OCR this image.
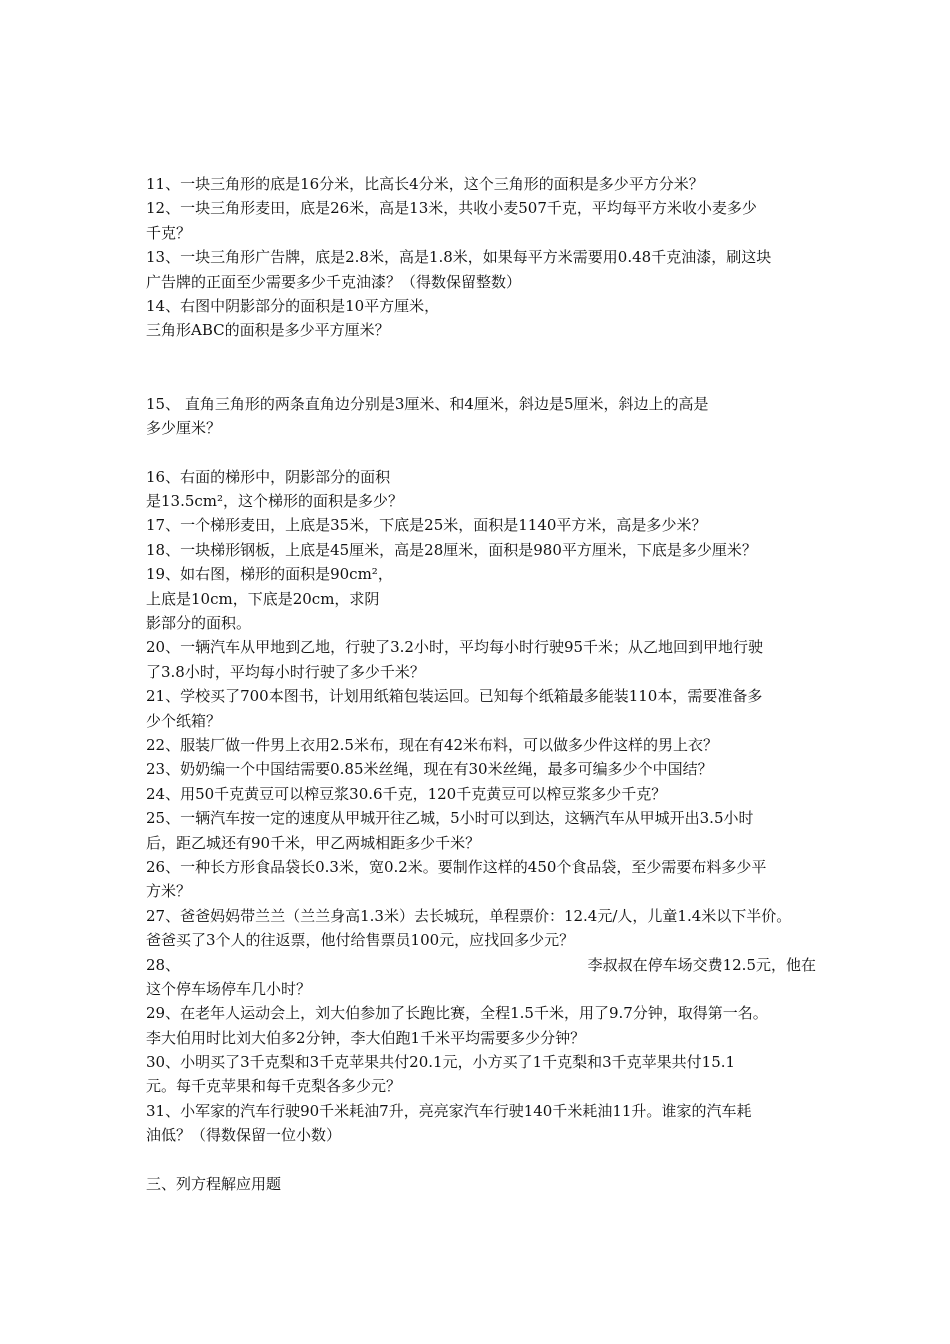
11、一块三角形的底是16分米，比高长4分米，这个三角形的面积是多少平方分米？
12、一块三角形麦田，底是26米，高是13米，共收小麦507千克，平均每平方米收小麦多少
千克？
13、一块三角形广告牌，底是2.8米，高是1.8米，如果每平方米需要用0.48千克油漆，刷这块
广告牌的正面至少需要多少千克油漆？（得数保留整数）
14、右图中阴影部分的面积是10平方厘米，
三角形ABC的面积是多少平方厘米？
15、 直角三角形的两条直角边分别是3厘米、和4厘米，斜边是5厘米，斜边上的高是
多少厘米？
16、右面的梯形中，阴影部分的面积
是13.5cm²，这个梯形的面积是多少？
17、一个梯形麦田，上底是35米，下底是25米，面积是1140平方米，高是多少米？
18、一块梯形钢板，上底是45厘米，高是28厘米，面积是980平方厘米，下底是多少厘米？
19、如右图，梯形的面积是90cm²，
上底是10cm，下底是20cm，求阴
影部分的面积。
20、一辆汽车从甲地到乙地，行驶了3.2小时，平均每小时行驶95千米；从乙地回到甲地行驶
了3.8小时，平均每小时行驶了多少千米？
21、学校买了700本图书，计划用纸箱包装运回。已知每个纸箱最多能装110本，需要准备多
少个纸箱？
22、服装厂做一件男上衣用2.5米布，现在有42米布料，可以做多少件这样的男上衣？
23、奶奶编一个中国结需要0.85米丝绳，现在有30米丝绳，最多可编多少个中国结？
24、用50千克黄豆可以榨豆浆30.6千克，120千克黄豆可以榨豆浆多少千克？
25、一辆汽车按一定的速度从甲城开往乙城，5小时可以到达，这辆汽车从甲城开出3.5小时
后，距乙城还有90千米，甲乙两城相距多少千米？
26、一种长方形食品袋长0.3米，宽0.2米。要制作这样的450个食品袋，至少需要布料多少平
方米？
27、爸爸妈妈带兰兰（兰兰身高1.3米）去长城玩，单程票价：12.4元/人，儿童1.4米以下半价。
爸爸买了3个人的往返票，他付给售票员100元，应找回多少元？
28、	李叔叔在停车场交费12.5元，他在
这个停车场停车几小时？
29、在老年人运动会上，刘大伯参加了长跑比赛，全程1.5千米，用了9.7分钟，取得第一名。
李大伯用时比刘大伯多2分钟，李大伯跑1千米平均需要多少分钟？
30、小明买了3千克梨和3千克苹果共付20.1元，小方买了1千克梨和3千克苹果共付15.1
元。每千克苹果和每千克梨各多少元？
31、小军家的汽车行驶90千米耗油7升，亮亮家汽车行驶140千米耗油11升。谁家的汽车耗
油低？（得数保留一位小数）
三、列方程解应用题
